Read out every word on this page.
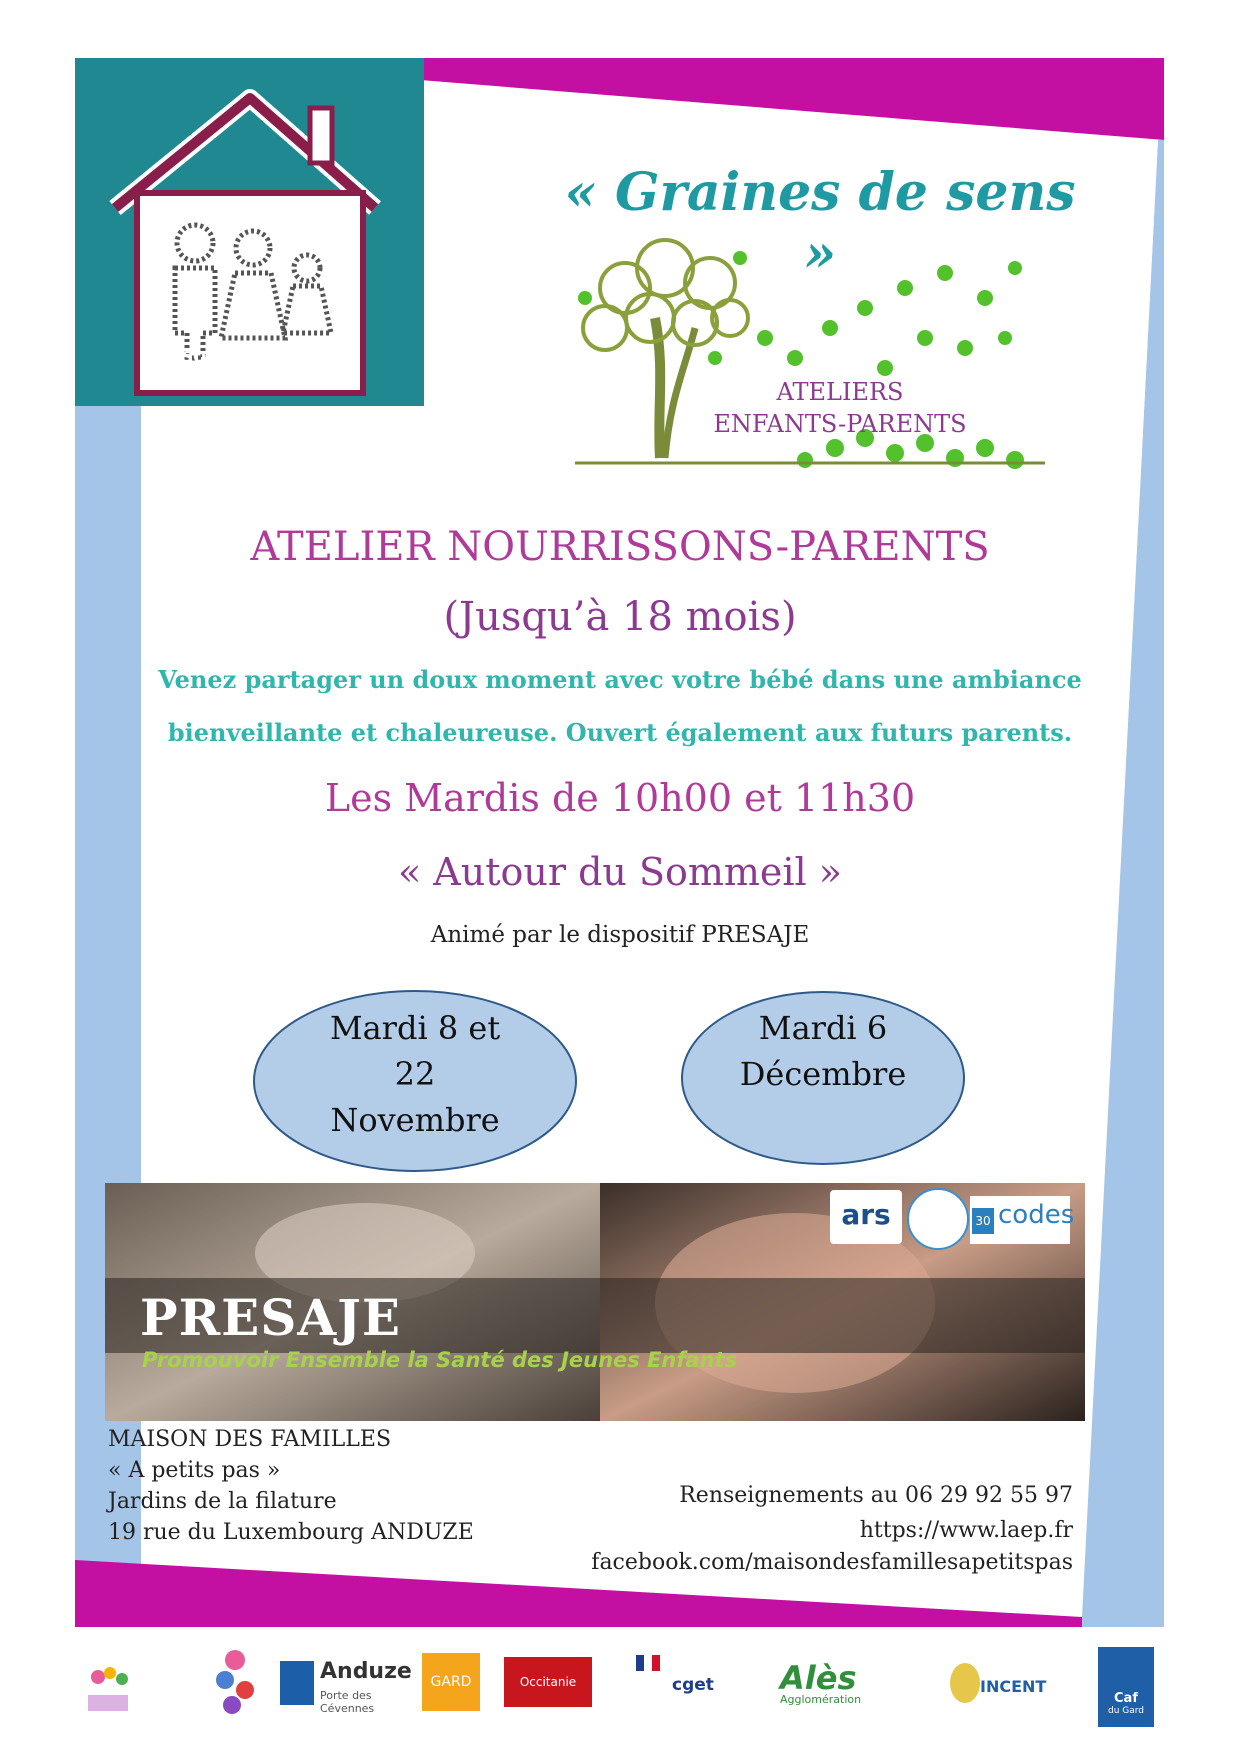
MAISON DES FAMILLES
« A Petits Pas »
« Graines de sens »
ATELIERS
ENFANTS-PARENTS
ATELIER NOURRISSONS-PARENTS
(Jusqu’à 18 mois)
Venez partager un doux moment avec votre bébé dans une ambiance
bienveillante et chaleureuse. Ouvert également aux futurs parents.
Les Mardis de 10h00 et 11h30
« Autour du Sommeil »
Animé par le dispositif PRESAJE
Mardi 8 et
22
Novembre
Mardi 6
Décembre
PRESAJE
Promouvoir Ensemble la Santé des Jeunes Enfants
ars	30 codes
MAISON DES FAMILLES
« A petits pas »
Jardins de la filature
19 rue du Luxembourg ANDUZE
Renseignements au 06 29 92 55 97
https://www.laep.fr
facebook.com/maisondesfamillesapetitspas
Anduze
Porte des Cévennes
GARD	Occitanie	cget Alès
Agglomération
INCENT
Caf
du Gard
